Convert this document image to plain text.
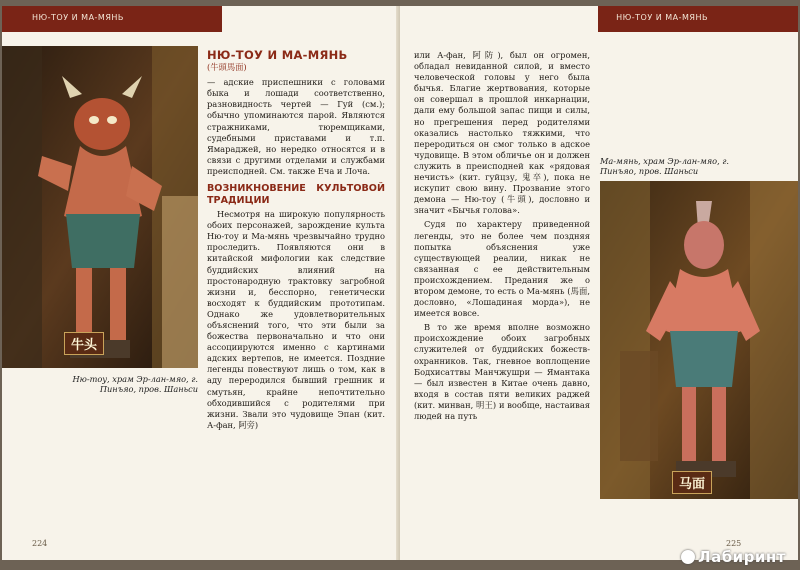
НЮ-ТОУ И МА-МЯНЬ
牛头
Ню-тоу, храм Эр-лан-мяо, г. Пинъяо, пров. Шаньси
НЮ-ТОУ И МА-МЯНЬ
(牛頭馬面)

— адские приспешники с головами быка и лошади соответственно, разновидность чертей — Гуй (см.); обычно упоминаются парой. Являются стражниками, тюремщиками, судебными приставами и т.п. Ямараджей, но нередко относятся и в связи с другими отделами и службами преисподней. См. также Еча и Лоча.

ВОЗНИКНОВЕНИЕ КУЛЬТОВОЙ ТРАДИЦИИ

Несмотря на широкую популярность обоих персонажей, зарождение культа Ню-тоу и Ма-мянь чрезвычайно трудно проследить. Появляются они в китайской мифологии как следствие буддийских влияний на простонародную трактовку загробной жизни и, бесспорно, генетически восходят к буддийским прототипам. Однако же удовлетворительных объяснений того, что эти были за божества первоначально и что они ассоциируются именно с картинами адских вертепов, не имеется. Поздние легенды повествуют лишь о том, как в аду переродился бывший грешник и смутьян, крайне непочтительно обходившийся с родителями при жизни. Звали это чудовище Эпан (кит. А-фан, 阿旁)

224
НЮ-ТОУ И МА-МЯНЬ

или А-фан, 阿防), был он огромен, обладал невиданной силой, и вместо человеческой головы у него была бычья. Благие жертвования, которые он совершал в прошлой инкарнации, дали ему большой запас пищи и силы, но прегрешения перед родителями оказались настолько тяжкими, что переродиться он смог только в адское чудовище. В этом обличье он и должен служить в преисподней как «рядовая нечисть» (кит. гуйцзу, 鬼卒), пока не искупит свою вину. Прозвание этого демона — Ню-тоу (牛頭), дословно и значит «Бычья голова».

Судя по характеру приведенной легенды, это не более чем поздняя попытка объяснения уже существующей реалии, никак не связанная с ее действительным происхождением. Предания же о втором демоне, то есть о Ма-мянь (馬面, дословно, «Лошадиная морда»), не имеется вовсе.

В то же время вполне возможно происхождение обоих загробных служителей от буддийских божеств-охранников. Так, гневное воплощение Бодхисаттвы Манчжушри — Ямантака — был известен в Китае очень давно, входя в состав пяти великих раджей (кит. минван, 明王) и вообще, настаивая людей на путь

Ма-мянь, храм Эр-лан-мяо, г. Пинъяо, пров. Шаньси
马面
225
Лабиринт
